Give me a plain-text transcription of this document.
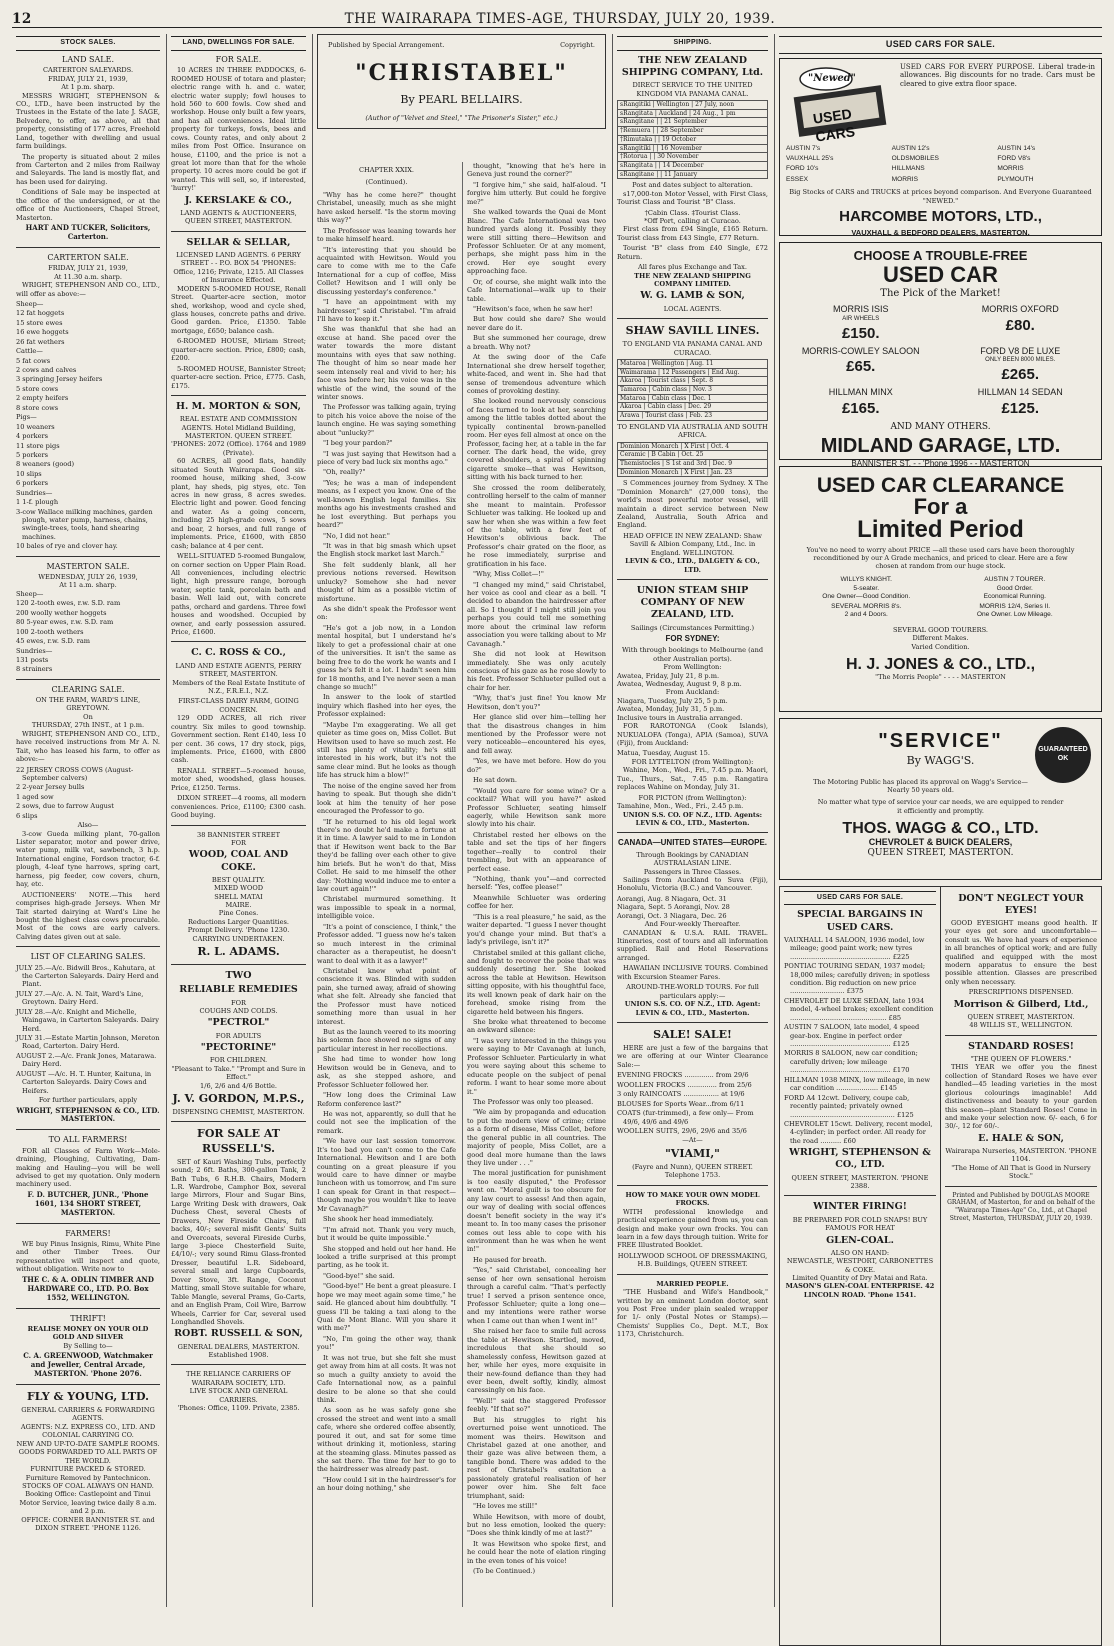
12	THE WAIRARAPA TIMES-AGE, THURSDAY, JULY 20, 1939.
STOCK SALES.
LAND SALE.
CARTERTON SALEYARDS.
FRIDAY, JULY 21, 1939,
At 1 p.m. sharp.

MESSRS WRIGHT, STEPHENSON & CO., LTD., have been instructed by the Trustees in the Estate of the late J. SAGE, Belvedere, to offer, as above, all that property, consisting of 177 acres, Freehold Land, together with dwelling and usual farm buildings.

The property is situated about 2 miles from Carterton and 2 miles from Railway and Saleyards. The land is mostly flat, and has been used for dairying.

Conditions of Sale may be inspected at the office of the undersigned, or at the office of the Auctioneers, Chapel Street, Masterton.

HART AND TUCKER, Solicitors, Carterton.
CARTERTON SALE.
FRIDAY, JULY 21, 1939,
At 11.30 a.m. sharp.

WRIGHT, STEPHENSON AND CO., LTD., will offer as above:—

Sheep—
12 fat hoggets
15 store ewes
16 ewe hoggets
26 fat wethers
Cattle—
5 fat cows
2 cows and calves
3 springing Jersey heifers
5 store cows
2 empty heifers
8 store cows
Pigs—
10 weaners
4 porkers
11 store pigs
5 porkers
8 weaners (good)
10 slips
6 porkers
Sundries—
1 1-f. plough
3-cow Wallace milking machines, garden plough, water pump, harness, chains, swingle-trees, tools, hand shearing machines.
10 bales of rye and clover hay.
MASTERTON SALE.
WEDNESDAY, JULY 26, 1939,
At 11 a.m. sharp.
Sheep—
120 2-tooth ewes, r.w. S.D. ram
200 woolly wether hoggets
80 5-year ewes, r.w. S.D. ram
100 2-tooth wethers
45 ewes, r.w. S.D. ram
Sundries—
131 posts
8 strainers
CLEARING SALE.
ON THE FARM, WARD'S LINE, GREYTOWN.
On
THURSDAY, 27th INST., at 1 p.m.

WRIGHT, STEPHENSON AND CO., LTD., have received instructions from Mr A. N. Tait, who has leased his farm, to offer as above:—

22 JERSEY CROSS COWS (August-September calvers)
2 2-year Jersey bulls
1 aged sow
2 sows, due to farrow August
6 slips
Also—

3-cow Gueda milking plant, 70-gallon Lister separator, motor and power drive, water pump, milk vat, sawbench, 3 h.p. International engine, Fordson tractor, 6-f. plough, 4-leaf tyne harrows, spring cart, harness, pig feeder, cow covers, churn, hay, etc.

AUCTIONEERS' NOTE.—This herd comprises high-grade Jerseys. When Mr Tait started dairying at Ward's Line he bought the highest class cows procurable. Most of the cows are early calvers. Calving dates given out at sale.

LIST OF CLEARING SALES.
JULY 25.—A/c. Bidwill Bros., Kahutara, at the Carterton Saleyards. Dairy Herd and Plant.
JULY 27.—A/c. A. N. Tait, Ward's Line, Greytown. Dairy Herd.
JULY 28.—A/c. Knight and Michelle, Waingawa, in Carterton Saleyards. Dairy Herd.
JULY 31.—Estate Martin Johnson, Mereton Road, Carterton. Dairy Herd.
AUGUST 2.—A/c. Frank Jones, Matarawa. Dairy Herd.
AUGUST —A/c. H. T. Hunter, Kaituna, in Carterton Saleyards. Dairy Cows and Heifers.
For further particulars, apply
WRIGHT, STEPHENSON & CO., LTD. MASTERTON.
TO ALL FARMERS!

FOR all Classes of Farm Work—Mole-draining, Ploughing, Cultivating, Dam-making and Hauling—you will be well advised to get my quotation. Only modern machinery used.

F. D. BUTCHER, JUNR., 'Phone 1601, 134 SHORT STREET, MASTERTON.
FARMERS!

WE buy Pinus Insignis, Rimu, White Pine and other Timber Trees. Our representative will inspect and quote, without obligation. Write now to

THE C. & A. ODLIN TIMBER AND HARDWARE CO., LTD. P.O. Box 1552, WELLINGTON.
THRIFT!
REALISE MONEY ON YOUR OLD GOLD AND SILVER
By Selling to—
C. A. GREENWOOD, Watchmaker and Jeweller, Central Arcade, MASTERTON. 'Phone 2076.
FLY & YOUNG, LTD.
GENERAL CARRIERS & FORWARDING AGENTS.
AGENTS: N.Z. EXPRESS CO., LTD. AND COLONIAL CARRYING CO.
NEW AND UP-TO-DATE SAMPLE ROOMS.
GOODS FORWARDED TO ALL PARTS OF THE WORLD.
FURNITURE PACKED & STORED. Furniture Removed by Pantechnicon.
STOCKS OF COAL ALWAYS ON HAND.
Booking Office: Castlepoint and Tinui Motor Service, leaving twice daily 8 a.m. and 2 p.m.
OFFICE: CORNER BANNISTER ST. and DIXON STREET. 'PHONE 1126.
LAND, DWELLINGS FOR SALE.
FOR SALE.

10 ACRES IN THREE PADDOCKS, 6-ROOMED HOUSE of totara and plaster; electric range with h. and c. water, electric water supply; fowl houses to hold 560 to 600 fowls. Cow shed and workshop. House only built a few years, and has all conveniences. Ideal little property for turkeys, fowls, bees and cows. County rates, and only about 2 miles from Post Office. Insurance on house, £1100, and the price is not a great lot more than that for the whole property. 10 acres more could be got if wanted. This will sell, so, if interested, 'hurry!'

J. KERSLAKE & CO.,
LAND AGENTS & AUCTIONEERS, QUEEN STREET, MASTERTON.
SELLAR & SELLAR,
LICENSED LAND AGENTS. 6 PERRY STREET - - P.O. BOX 54 'PHONES: Office, 1216; Private, 1215. All Classes of Insurance Effected.

MODERN 5-ROOMED HOUSE, Renall Street. Quarter-acre section, motor shed, workshop, wood and cycle shed, glass houses, concrete paths and drive. Good garden. Price, £1350. Table mortgage, £650; balance cash.

6-ROOMED HOUSE, Miriam Street; quarter-acre section. Price, £800; cash, £200.

5-ROOMED HOUSE, Bannister Street; quarter-acre section. Price, £775. Cash, £175.

H. M. MORTON & SON,
REAL ESTATE AND COMMISSION AGENTS. Hotel Midland Building, MASTERTON. QUEEN STREET. 'PHONES: 2072 (Office). 1764 and 1989 (Private).

60 ACRES, all good flats, handily situated South Wairarapa. Good six-roomed house, milking shed, 3-cow plant, hay sheds, pig styes, etc. Ten acres in new grass, 8 acres swedes. Electric light and power. Good fencing and water. As a going concern, including 25 high-grade cows, 5 sows and boar, 2 horses, and full range of implements. Price, £1600, with £850 cash; balance at 4 per cent.

WELL-SITUATED 5-roomed Bungalow, on corner section on Upper Plain Road. All conveniences, including electric light, high pressure range, borough water, septic tank, porcelain bath and basin. Well laid out, with concrete paths, orchard and gardens. Three fowl houses and woodshed. Occupied by owner, and early possession assured. Price, £1600.

C. C. ROSS & CO.,
LAND AND ESTATE AGENTS, PERRY STREET, MASTERTON.
Members of the Real Estate Institute of N.Z., F.R.E.I., N.Z.
FIRST-CLASS DAIRY FARM, GOING CONCERN.

129 ODD ACRES, all rich river country. Six miles to good township. Government section. Rent £140, less 10 per cent. 36 cows, 17 dry stock, pigs, implements. Price, £1600, with £800 cash.

RENALL STREET—5-roomed house, motor shed, woodshed, glass houses. Price, £1250. Terms.

DIXON STREET—4 rooms, all modern conveniences. Price, £1100; £300 cash. Good buying.

38 BANNISTER STREET
FOR
WOOD, COAL AND COKE.
BEST QUALITY.
MIXED WOOD
SHELL MATAI
MAIRE.
Pine Cones.
Reductions Larger Quantities.
Prompt Delivery. 'Phone 1230.
CARRYING UNDERTAKEN.
R. L. ADAMS.
TWO
RELIABLE REMEDIES
FOR
COUGHS AND COLDS.
"PECTROL"
FOR ADULTS
"PECTORINE"
FOR CHILDREN.
"Pleasant to Take." "Prompt and Sure in Effect."
1/6, 2/6 and 4/6 Bottle.
J. V. GORDON, M.P.S.,
DISPENSING CHEMIST, MASTERTON.
FOR SALE AT RUSSELL'S.

SET of Kauri Washing Tubs, perfectly sound; 2 6ft. Baths, 300-gallon Tank, 2 Bath Tubs, 6 R.H.B. Chairs, Modern L.R. Wardrobe, Camphor Box, several large Mirrors, Flour and Sugar Bins, Large Writing Desk with drawers, Oak Duchess Chest, several Chests of Drawers, New Fireside Chairs, full backs, 40/-; several misfit Gents' Suits and Overcoats, several Fireside Curbs, large 3-piece Chesterfield Suite, £4/10/-; very sound Rimu Glass-fronted Dresser, beautiful L.R. Sideboard, several small and large Cupboards, Dover Stove, 3ft. Range, Coconut Matting, small Stove suitable for whare, Table Mangle, several Prams, Go-Carts, and an English Pram, Coil Wire, Barrow Wheels, Carrier for Car, several used Longhandled Shovels.

ROBT. RUSSELL & SON,
GENERAL DEALERS, MASTERTON. Established 1908.
THE RELIANCE CARRIERS OF WAIRARAPA SOCIETY, LTD.
LIVE STOCK AND GENERAL CARRIERS.
'Phones: Office, 1109. Private, 2385.
Published by Special Arrangement.	Copyright.
"CHRISTABEL"
By PEARL BELLAIRS.
(Author of "Velvet and Steel," "The Prisoner's Sister," etc.)
CHAPTER XXIX.
(Continued).

"Why has he come here?" thought Christabel, uneasily, much as she might have asked herself. "Is the storm moving this way?"

The Professor was leaning towards her to make himself heard.

"It's interesting that you should be acquainted with Hewitson. Would you care to come with me to the Cafe International for a cup of coffee, Miss Collet? Hewitson and I will only be discussing yesterday's conference."

"I have an appointment with my hairdresser," said Christabel. "I'm afraid I'll have to keep it."

She was thankful that she had an excuse at hand. She paced over the water towards the more distant mountains with eyes that saw nothing. The thought of him so near made her seem intensely real and vivid to her; his face was before her, his voice was in the whistle of the wind, the sound of the winter snows.

The Professor was talking again, trying to pitch his voice above the noise of the launch engine. He was saying something about "unlucky?"

"I beg your pardon?"

"I was just saying that Hewitson had a piece of very bad luck six months ago."

"Oh, really?"

"Yes; he was a man of independent means, as I expect you know. One of the well-known English legal families. Six months ago his investments crashed and he lost everything. But perhaps you heard?"

"No, I did not hear."

"It was in that big smash which upset the English stock market last March."

She felt suddenly blank, all her previous notions reversed. Hewitson unlucky? Somehow she had never thought of him as a possible victim of misfortune.

As she didn't speak the Professor went on:

"He's got a job now, in a London mental hospital, but I understand he's likely to get a professional chair at one of the universities. It isn't the same as being free to do the work he wants and I guess he's felt it a lot. I hadn't seen him for 18 months, and I've never seen a man change so much!"

In answer to the look of startled inquiry which flashed into her eyes, the Professor explained:

"Maybe I'm exaggerating. We all get quieter as time goes on, Miss Collet. But Hewitson used to have so much zest. He still has plenty of vitality; he's still interested in his work, but it's not the same clear mind. But he looks as though life has struck him a blow!"

The noise of the engine saved her from having to speak. But though she didn't look at him the tenuity of her pose encouraged the Professor to go.

"If he returned to his old legal work there's no doubt he'd make a fortune at it in time. A lawyer said to me in London that if Hewitson went back to the Bar they'd be falling over each other to give him briefs. But he won't do that, Miss Collet. He said to me himself the other day: 'Nothing would induce me to enter a law court again!'"

Christabel murmured something. It was impossible to speak in a normal, intelligible voice.

"It's a point of conscience, I think," the Professor added. "I guess now he's taken so much interest in the criminal character as a therapeutist, he doesn't want to deal with it as a lawyer!"

Christabel knew what point of conscience it was. Blinded with sudden pain, she turned away, afraid of showing what she felt. Already she fancied that the Professor must have noticed something more than usual in her interest.

But as the launch veered to its mooring his solemn face showed no signs of any particular interest in her recollections.

She had time to wonder how long Hewitson would be in Geneva, and to ask, as she stepped ashore, and Professor Schlueter followed her.

"How long does the Criminal Law Reform conference last?"

He was not, apparently, so dull that he could not see the implication of the remark.

"We have our last session tomorrow. It's too bad you can't come to the Cafe International. Hewitson and I are both counting on a great pleasure if you would care to have dinner or maybe luncheon with us tomorrow, and I'm sure I can speak for Grant in that respect—though maybe you wouldn't like to leave Mr Cavanagh?"

She shook her head immediately.

"I'm afraid not. Thank you very much, but it would be quite impossible."

She stopped and held out her hand. He looked a trifle surprised at this prompt parting, as he took it.

"Good-bye!" she said.

"Good-bye!" He bent a great pleasure. I hope we may meet again some time," he said. He glanced about him doubtfully. "I guess I'll be taking a taxi along to the Quai de Mont Blanc. Will you share it with me?"

"No, I'm going the other way, thank you!"

It was not true, but she felt she must get away from him at all costs. It was not so much a guilty anxiety to avoid the Cafe International now, as a painful desire to be alone so that she could think.

As soon as he was safely gone she crossed the street and went into a small cafe, where she ordered coffee absently, poured it out, and sat for some time without drinking it, motionless, staring at the steaming glass. Minutes passed as she sat there. The time for her to go to the hairdresser was already past.

"How could I sit in the hairdresser's for an hour doing nothing," she

thought, "knowing that he's here in Geneva just round the corner?"

"I forgive him," she said, half-aloud. "I forgive him utterly. But could he forgive me?"

She walked towards the Quai de Mont Blanc. The Cafe International was two hundred yards along it. Possibly they were still sitting there—Hewitson and Professor Schlueter. Or at any moment, perhaps, she might pass him in the crowd. Her eye sought every approaching face.

Or, of course, she might walk into the Cafe International—walk up to their table.

"Hewitson's face, when he saw her!

But how could she dare? She would never dare do it.

But she summoned her courage, drew a breath. Why not?

At the swing door of the Cafe International she drew herself together, white-faced, and went in. She had that sense of tremendous adventure which comes of provoking destiny.

She looked round nervously conscious of faces turned to look at her, searching among the little tables dotted about the typically continental brown-panelled room. Her eyes fell almost at once on the Professor, facing her, at a table in the far corner. The dark head, the wide, grey covered shoulders, a spiral of spinning cigarette smoke—that was Hewitson, sitting with his back turned to her.

She crossed the room deliberately, controlling herself to the calm of manner she meant to maintain. Professor Schlueter was talking. He looked up and saw her when she was within a few feet of the table, with a few feet of Hewitson's oblivious back. The Professor's chair grated on the floor, as he rose immediately, surprise and gratification in his face.

"Why, Miss Collet—!"

"I changed my mind," said Christabel, her voice as cool and clear as a bell. "I decided to abandon the hairdresser after all. So I thought if I might still join you perhaps you could tell me something more about the criminal law reform association you were talking about to Mr Cavanagh."

She did not look at Hewitson immediately. She was only acutely conscious of his gaze as he rose slowly to his feet. Professor Schlueter pulled out a chair for her.

"Why, that's just fine! You know Mr Hewitson, don't you?"

Her glance slid over him—telling her that the disastrous changes in him mentioned by the Professor were not very noticeable—encountered his eyes, and fell away.

"Yes, we have met before. How do you do?"

He sat down.

"Would you care for some wine? Or a cocktail? What will you have?" asked Professor Schlueter, seating himself eagerly, while Hewitson sank more slowly into his chair.

Christabel rested her elbows on the table and set the tips of her fingers together—really to control their trembling, but with an appearance of perfect ease.

"Nothing, thank you"—and corrected herself: "Yes, coffee please!"

Meanwhile Schlueter was ordering coffee for her.

"This is a real pleasure," he said, as the waiter departed. "I guess I never thought you'd change your mind. But that's a lady's privilege, isn't it?"

Christabel smiled at this gallant cliche, and fought to recover the poise that was suddenly deserting her. She looked across the table at Hewitson. Hewitson sitting opposite, with his thoughtful face, its well known peak of dark hair on the forehead, smoke rising from the cigarette held between his fingers.

She broke what threatened to become an awkward silence:

"I was very interested in the things you were saying to Mr Cavanagh at lunch, Professor Schlueter. Particularly in what you were saying about this scheme to educate people on the subject of penal reform. I want to hear some more about it."

The Professor was only too pleased.

"We aim by propaganda and education to put the modern view of crime; crime as a form of disease, Miss Collet, before the general public in all countries. The majority of people, Miss Collet, are a good deal more humane than the laws they live under . . ."

The moral justification for punishment is too easily disputed," the Professor went on. "Moral guilt is too obscure for any law court to assess! And then again, our way of dealing with social offences doesn't benefit society in the way it's meant to. In too many cases the prisoner comes out less able to cope with his environment than he was when he went in!"

He paused for breath.

"Yes," said Christabel, concealing her sense of her own sensational heroism through a careful calm. "That's perfectly true! I served a prison sentence once, Professor Schlueter; quite a long one—and my intentions were rather worse when I came out than when I went in!"

She raised her face to smile full across the table at Hewitson. Startled, moved, incredulous that she should so shamelessly confess, Hewitson gazed at her, while her eyes, more exquisite in their new-found defiance than they had ever been, dwelt softly, kindly, almost caressingly on his face.

"Well!" said the staggered Professor feebly. "If that so?"

But his struggles to right his overturned poise went unnoticed. The moment was theirs. Hewitson and Christabel gazed at one another, and their gaze was alive between them, a tangible bond. There was added to the rest of Christabel's exaltation a passionately grateful realisation of her power over him. She felt face triumphant, said:

"He loves me still!"

While Hewitson, with more of doubt, but no less emotion, looked the query: "Does she think kindly of me at last?"

It was Hewitson who spoke first, and he could hear the note of elation ringing in the even tones of his voice!

(To be Continued.)

SHIPPING.
THE NEW ZEALAND SHIPPING COMPANY, Ltd.
DIRECT SERVICE TO THE UNITED KINGDOM VIA PANAMA CANAL.
sRangitiki | Wellington | 27 July, noon
sRangitata | Auckland | 24 Aug., 1 pm
sRangitane | | 21 September
†Remuera | | 28 September
†Rimutaka | | 19 October
sRangitiki | | 16 November
†Rotorua | | 30 November
sRangitata | | 14 December
sRangitane | | 11 January
Post and dates subject to alteration.

s17,000-ton Motor Vessel, with First Class, Tourist Class and Tourist "B" Class.

†Cabin Class. ‡Tourist Class.
*Off Port, calling at Curacao.

First class from £94 Single, £165 Return. Tourist class from £43 Single, £77 Return.

Tourist "B" class from £40 Single, £72 Return.

All fares plus Exchange and Tax.
THE NEW ZEALAND SHIPPING COMPANY LIMITED.
W. G. LAMB & SON,
LOCAL AGENTS.
SHAW SAVILL LINES.
TO ENGLAND VIA PANAMA CANAL AND CURACAO.
Mataroa | Wellington | Aug. 11
Waimarama | 12 Passengers | End Aug.
Akaroa | Tourist class | Sept. 8
Tamaroa | Cabin class | Nov. 3
Mataroa | Cabin class | Dec. 1
Akaroa | Cabin class | Dec. 29
Arawa | Tourist class | Feb. 23
TO ENGLAND VIA AUSTRALIA AND SOUTH AFRICA.
Dominion Monarch | X First | Oct. 4
Ceramic | B Cabin | Oct. 25
Themistocles | S 1st and 3rd | Dec. 9
Dominion Monarch | X First | Jan. 23

S Commences journey from Sydney. X The "Dominion Monarch" (27,000 tons), the world's most powerful motor vessel, will maintain a direct service between New Zealand, Australia, South Africa and England.

HEAD OFFICE IN NEW ZEALAND: Shaw Savill & Albion Company, Ltd., Inc. in England. WELLINGTON.
LEVIN & CO., LTD., DALGETY & CO., LTD.
UNION STEAM SHIP COMPANY OF NEW ZEALAND, LTD.
Sailings (Circumstances Permitting.)
FOR SYDNEY:
With through bookings to Melbourne (and other Australian ports).
From Wellington:
Awatea, Friday, July 21, 8 p.m.
Awatea, Wednesday, August 9, 8 p.m.
From Auckland:
Niagara, Tuesday, July 25, 5 p.m.
Awatea, Monday, July 31, 5 p.m.
Inclusive tours in Australia arranged.

FOR RAROTONGA (Cook Islands), NUKUALOFA (Tonga), APIA (Samoa), SUVA (Fiji), from Auckland:

Matua, Tuesday, August 15.
FOR LYTTELTON (from Wellington):

Wahine, Mon., Wed., Fri., 7.45 p.m. Maori, Tue., Thurs., Sat., 7.45 p.m. Rangatira replaces Wahine on Monday, July 31.

FOR PICTON (from Wellington):
Tamahine, Mon., Wed., Fri., 2.45 p.m.
UNION S.S. CO. OF N.Z., LTD. Agents: LEVIN & CO., LTD., Masterton.
CANADA—UNITED STATES—EUROPE.
Through Bookings by CANADIAN AUSTRALASIAN LINE.
Passengers in Three Classes.

Sailings from Auckland to Suva (Fiji), Honolulu, Victoria (B.C.) and Vancouver.

Aorangi, Aug. 8 Niagara, Oct. 31
Niagara, Sept. 5 Aorangi, Nov. 28
Aorangi, Oct. 3 Niagara, Dec. 26
And Four-weekly Thereafter.

CANADIAN & U.S.A. RAIL TRAVEL. Itineraries, cost of tours and all information supplied. Rail and Hotel Reservations arranged.

HAWAIIAN INCLUSIVE TOURS. Combined with Excursion Steamer Fares.

AROUND-THE-WORLD TOURS. For full particulars apply:—
UNION S.S. CO. OF N.Z., LTD. Agent: LEVIN & CO., LTD., Masterton.
SALE! SALE!

HERE are just a few of the bargains that we are offering at our Winter Clearance Sale:—

EVENING FROCKS .............. from 29/6
WOOLLEN FROCKS .............. from 25/6
3 only RAINCOATS ................. at 19/6
BLOUSES for Sports Wear...from 6/11
COATS (fur-trimmed), a few only— From 49/6, 49/6 and 49/6
WOOLLEN SUITS, 29/6, 29/6 and 35/6
—At—
"VIAMI,"
(Fayre and Nunn), QUEEN STREET. Telephone 1753.
HOW TO MAKE YOUR OWN MODEL FROCKS.

WITH professional knowledge and practical experience gained from us, you can design and make your own frocks. You can learn in a few days through tuition. Write for FREE Illustrated Booklet.

HOLLYWOOD SCHOOL OF DRESSMAKING, H.B. Buildings, QUEEN STREET.
MARRIED PEOPLE.

"THE Husband and Wife's Handbook," written by an eminent London doctor, sent you Post Free under plain sealed wrapper for 1/- only (Postal Notes or Stamps).—Chemists' Supplies Co., Dept. M.T., Box 1173, Christchurch.

USED CARS FOR SALE.
"Newed"
USED CARS
USED CARS FOR EVERY PURPOSE. Liberal trade-in allowances. Big discounts for no trade. Cars must be cleared to give extra floor space.
AUSTIN 7's	AUSTIN 12's	AUSTIN 14's
VAUXHALL 25's	OLDSMOBILES	FORD V8's
FORD 10's	HILLMANS	MORRIS
ESSEX	MORRIS	PLYMOUTH
Big Stocks of CARS and TRUCKS at prices beyond comparison. And Everyone Guaranteed "NEWED."
HARCOMBE MOTORS, LTD.,
VAUXHALL & BEDFORD DEALERS, MASTERTON.
CHOOSE A TROUBLE-FREE
USED CAR
The Pick of the Market!
MORRIS ISIS
AIR WHEELS
£150.
MORRIS OXFORD
£80.
MORRIS-COWLEY SALOON
£65.
FORD V8 DE LUXE
ONLY BEEN 8000 MILES.
£265.
HILLMAN MINX
£165.
HILLMAN 14 SEDAN
£125.
AND MANY OTHERS.
MIDLAND GARAGE, LTD.
BANNISTER ST. - - 'Phone 1996 - - MASTERTON
USED CAR CLEARANCE
For a
Limited Period
You've no need to worry about PRICE —all these used cars have been thoroughly reconditioned by our A Grade mechanics, and priced to clear. Here are a few chosen at random from our huge stock.
WILLYS KNIGHT.
5-seater.
One Owner—Good Condition.
AUSTIN 7 TOURER.
Good Order.
Economical Running.
SEVERAL MORRIS 8's.
2 and 4 Doors.
MORRIS 12/4, Series II.
One Owner. Low Mileage.
SEVERAL GOOD TOURERS.
Different Makes.
Varied Condition.
H. J. JONES & CO., LTD.,
"The Morris People" - - - - MASTERTON
GUARANTEED OK
"SERVICE"
By WAGG'S.
The Motoring Public has placed its approval on Wagg's Service—Nearly 50 years old.
No matter what type of service your car needs, we are equipped to render it efficiently and promptly.
THOS. WAGG & CO., LTD.
CHEVROLET & BUICK DEALERS,
QUEEN STREET, MASTERTON.
USED CARS FOR SALE.
SPECIAL BARGAINS IN USED CARS.
VAUXHALL 14 SALOON, 1936 model, low mileage; good paint work; new tyres ................................................ £225
PONTIAC TOURING SEDAN, 1937 model; 18,000 miles; carefully driven; in spotless condition. Big reduction on new price .......................... £375
CHEVROLET DE LUXE SEDAN, late 1934 model, 4-wheel brakes; excellent condition .............................................. £85
AUSTIN 7 SALOON, late model, 4 speed gear-box. Engine in perfect order ................................................ £125
MORRIS 8 SALOON, new car condition; carefully driven; low mileage ................................................ £170
HILLMAN 1938 MINX, low mileage, in new car condition .................... £145
FORD A4 12cwt. Delivery, coupe cab, recently painted; privately owned .................................................. £125
CHEVROLET 15cwt. Delivery, recent model, 4-cylinder; in perfect order. All ready for the road .......... £60
WRIGHT, STEPHENSON & CO., LTD.
QUEEN STREET, MASTERTON. 'PHONE 2388.
WINTER FIRING!
BE PREPARED FOR COLD SNAPS! BUY FAMOUS FOR HEAT
GLEN-COAL.
ALSO ON HAND:
NEWCASTLE, WESTPORT, CARBONETTES & COKE.
Limited Quantity of Dry Matai and Rata.
MASON'S GLEN-COAL ENTERPRISE. 42 LINCOLN ROAD. 'Phone 1541.
DON'T NEGLECT YOUR EYES!

GOOD EYESIGHT means good health. If your eyes get sore and uncomfortable—consult us. We have had years of experience in all branches of optical work; and are fully qualified and equipped with the most modern apparatus to ensure the best possible attention. Glasses are prescribed only when necessary.

PRESCRIPTIONS DISPENSED.
Morrison & Gilberd, Ltd.,
QUEEN STREET, MASTERTON.
48 WILLIS ST., WELLINGTON.
STANDARD ROSES!
"THE QUEEN OF FLOWERS."

THIS YEAR we offer you the finest collection of Standard Roses we have ever handled—45 leading varieties in the most glorious colourings imaginable! Add distinctiveness and beauty to your garden this season—plant Standard Roses! Come in and make your selection now. 6/- each, 6 for 30/-, 12 for 60/-.

E. HALE & SON,
Wairarapa Nurseries, MASTERTON. 'PHONE 1104.
"The Home of All That is Good in Nursery Stock."
Printed and Published by DOUGLAS MOORE GRAHAM, of Masterton, for and on behalf of the "Wairarapa Times-Age" Co., Ltd., at Chapel Street, Masterton, THURSDAY, JULY 20, 1939.
